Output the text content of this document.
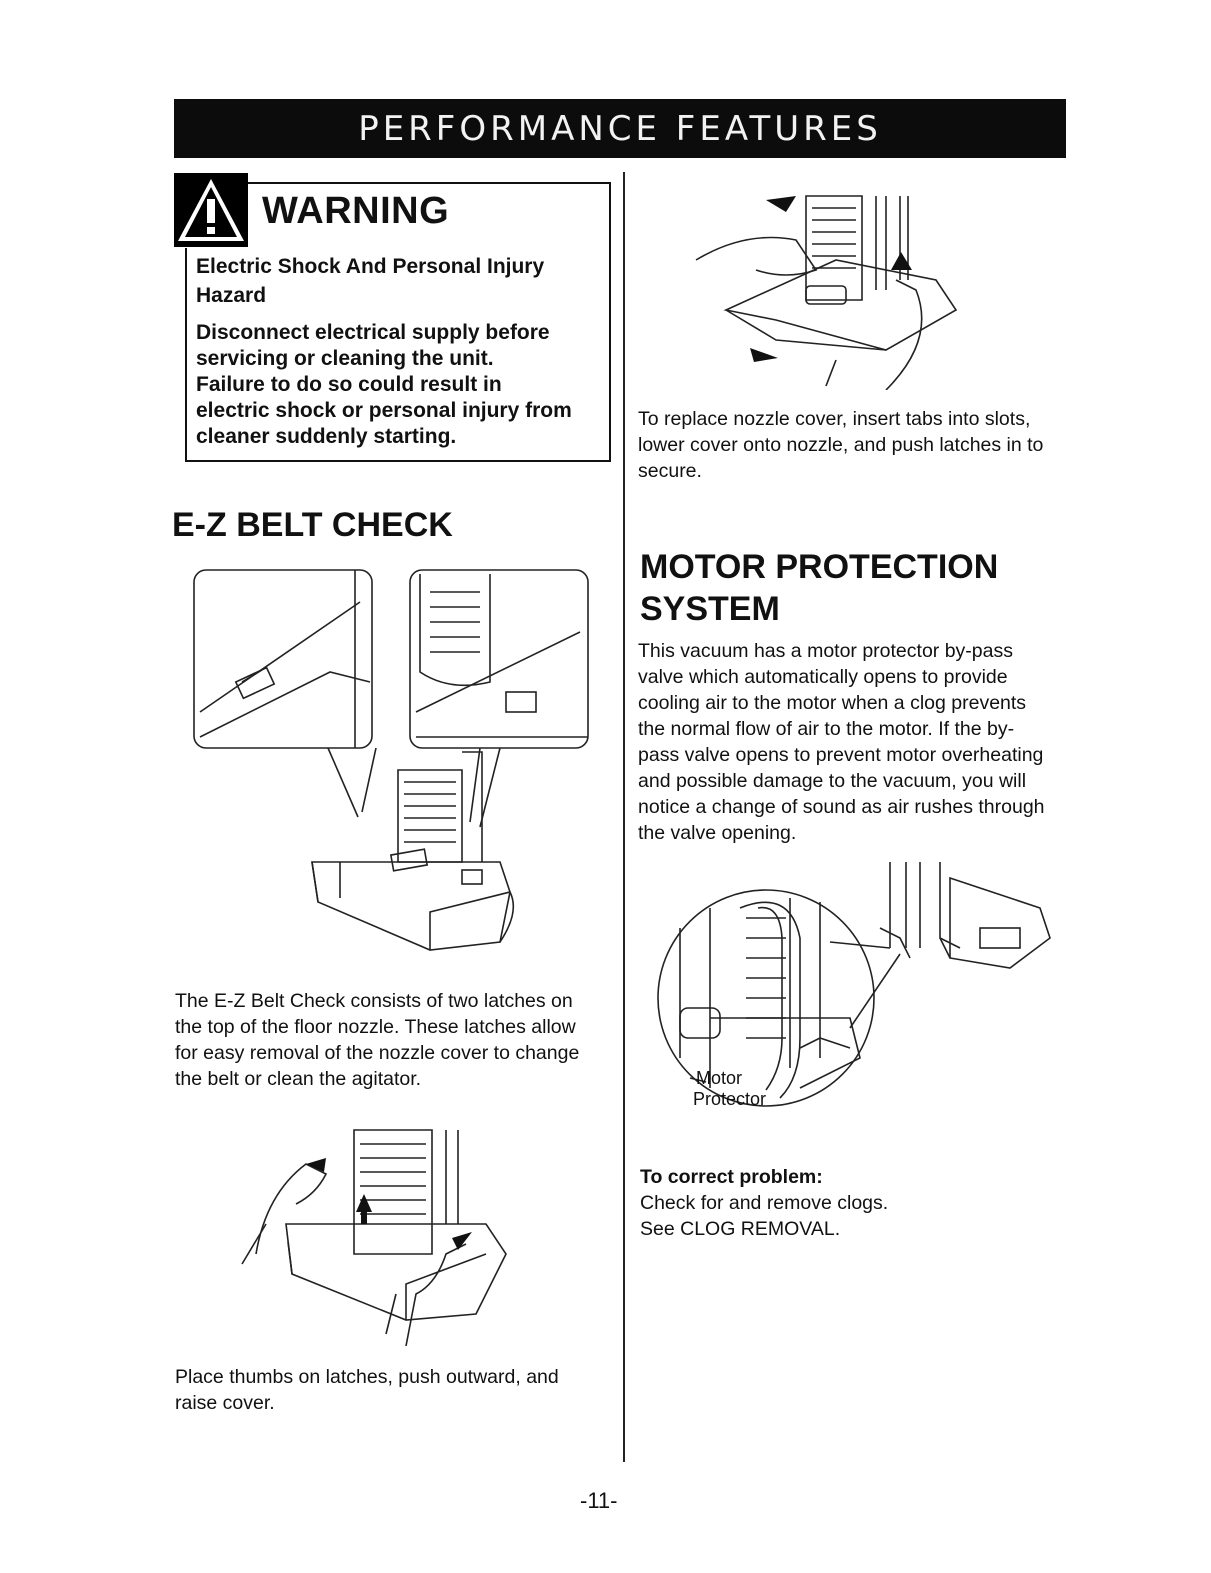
PERFORMANCE FEATURES
WARNING
Electric Shock And Personal Injury
Hazard
Disconnect electrical supply before
servicing or cleaning the unit.
Failure to do so could result in
electric shock or personal injury from
cleaner suddenly starting.
E-Z BELT CHECK
The E-Z Belt Check consists of two latches on
the top of the floor nozzle. These latches allow
for easy removal of the nozzle cover to change
the belt or clean the agitator.
Place thumbs on latches, push outward, and
raise cover.
To replace nozzle cover, insert tabs into slots,
lower cover onto nozzle, and push latches in to
secure.
MOTOR PROTECTION
SYSTEM
This vacuum has a motor protector by-pass
valve which automatically opens to provide
cooling air to the motor when a clog prevents
the normal flow of air to the motor. If the by-
pass valve opens to prevent motor overheating
and possible damage to the vacuum, you will
notice a change of sound as air rushes through
the valve opening.
Motor
Protector
To correct problem:
Check for and remove clogs.
See CLOG REMOVAL.
-11-
